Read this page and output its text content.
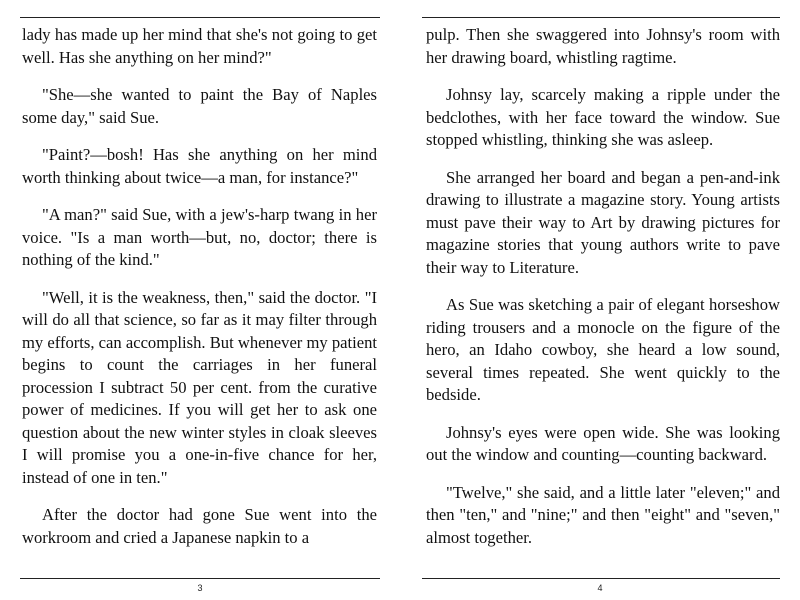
lady has made up her mind that she's not going to get well. Has she anything on her mind?"

"She—she wanted to paint the Bay of Naples some day," said Sue.

"Paint?—bosh! Has she anything on her mind worth thinking about twice—a man, for instance?"

"A man?" said Sue, with a jew's-harp twang in her voice. "Is a man worth—but, no, doctor; there is nothing of the kind."

"Well, it is the weakness, then," said the doctor. "I will do all that science, so far as it may filter through my efforts, can accomplish. But whenever my patient begins to count the carriages in her funeral procession I subtract 50 per cent. from the curative power of medicines. If you will get her to ask one question about the new winter styles in cloak sleeves I will promise you a one-in-five chance for her, instead of one in ten."

After the doctor had gone Sue went into the workroom and cried a Japanese napkin to a

3

pulp. Then she swaggered into Johnsy's room with her drawing board, whistling ragtime.

Johnsy lay, scarcely making a ripple under the bedclothes, with her face toward the window. Sue stopped whistling, thinking she was asleep.

She arranged her board and began a pen-and-ink drawing to illustrate a magazine story. Young artists must pave their way to Art by drawing pictures for magazine stories that young authors write to pave their way to Literature.

As Sue was sketching a pair of elegant horseshow riding trousers and a monocle on the figure of the hero, an Idaho cowboy, she heard a low sound, several times repeated. She went quickly to the bedside.

Johnsy's eyes were open wide. She was looking out the window and counting—counting backward.

"Twelve," she said, and a little later "eleven;" and then "ten," and "nine;" and then "eight" and "seven," almost together.

4
